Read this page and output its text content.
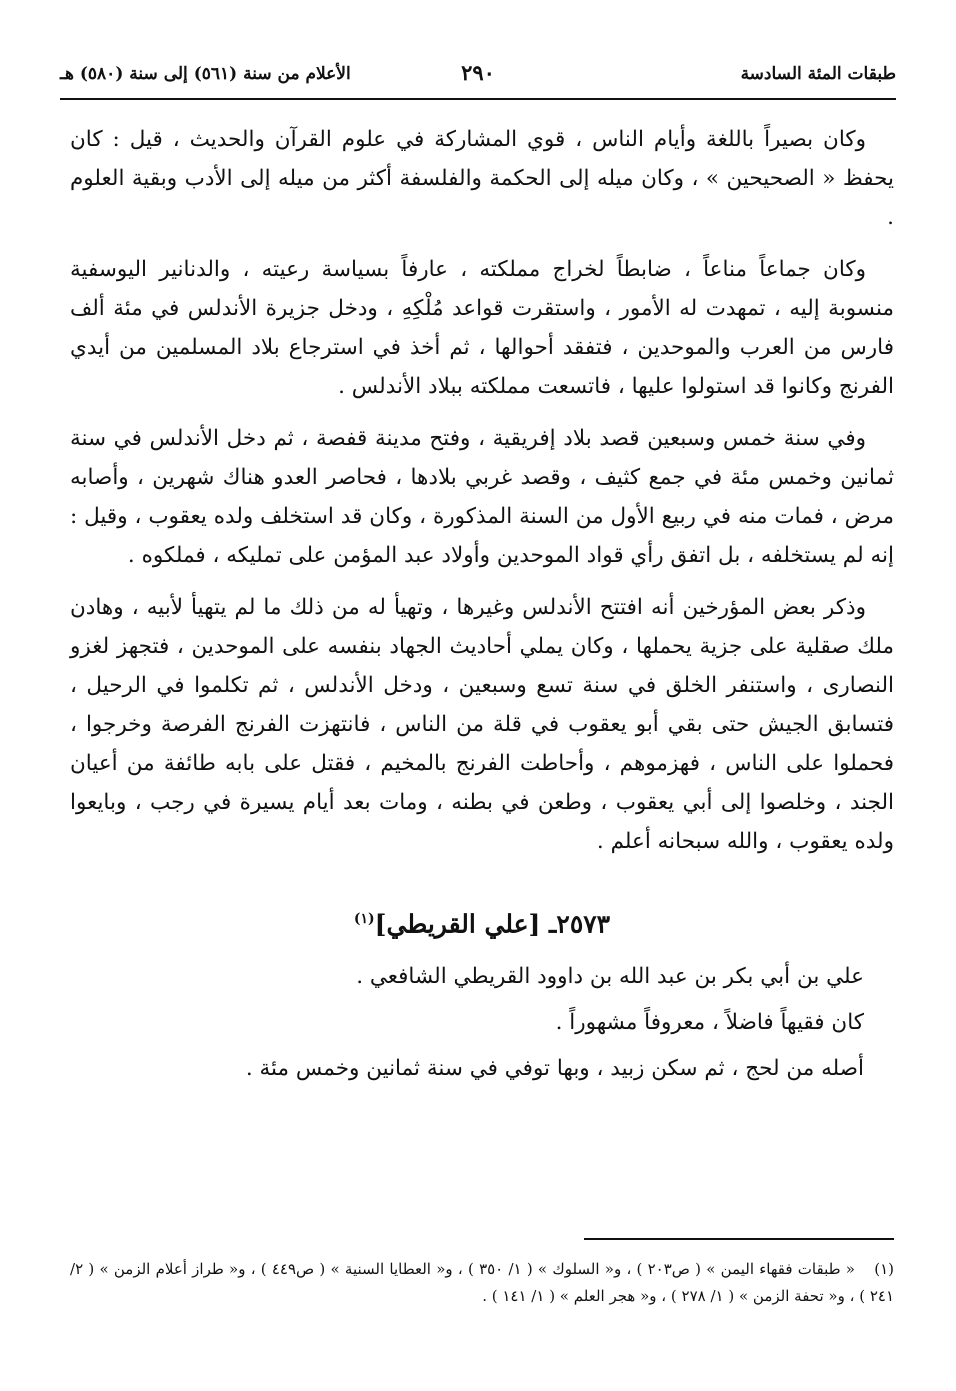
طبقات المئة السادسة
٢٩٠
الأعلام من سنة (٥٦١) إلى سنة (٥٨٠) هـ

وكان بصيراً باللغة وأيام الناس ، قوي المشاركة في علوم القرآن والحديث ، قيل : كان يحفظ « الصحيحين » ، وكان ميله إلى الحكمة والفلسفة أكثر من ميله إلى الأدب وبقية العلوم .

وكان جماعاً مناعاً ، ضابطاً لخراج مملكته ، عارفاً بسياسة رعيته ، والدنانير اليوسفية منسوبة إليه ، تمهدت له الأمور ، واستقرت قواعد مُلْكِهِ ، ودخل جزيرة الأندلس في مئة ألف فارس من العرب والموحدين ، فتفقد أحوالها ، ثم أخذ في استرجاع بلاد المسلمين من أيدي الفرنج وكانوا قد استولوا عليها ، فاتسعت مملكته ببلاد الأندلس .

وفي سنة خمس وسبعين قصد بلاد إفريقية ، وفتح مدينة قفصة ، ثم دخل الأندلس في سنة ثمانين وخمس مئة في جمع كثيف ، وقصد غربي بلادها ، فحاصر العدو هناك شهرين ، وأصابه مرض ، فمات منه في ربيع الأول من السنة المذكورة ، وكان قد استخلف ولده يعقوب ، وقيل : إنه لم يستخلفه ، بل اتفق رأي قواد الموحدين وأولاد عبد المؤمن على تمليكه ، فملكوه .

وذكر بعض المؤرخين أنه افتتح الأندلس وغيرها ، وتهيأ له من ذلك ما لم يتهيأ لأبيه ، وهادن ملك صقلية على جزية يحملها ، وكان يملي أحاديث الجهاد بنفسه على الموحدين ، فتجهز لغزو النصارى ، واستنفر الخلق في سنة تسع وسبعين ، ودخل الأندلس ، ثم تكلموا في الرحيل ، فتسابق الجيش حتى بقي أبو يعقوب في قلة من الناس ، فانتهزت الفرنج الفرصة وخرجوا ، فحملوا على الناس ، فهزموهم ، وأحاطت الفرنج بالمخيم ، فقتل على بابه طائفة من أعيان الجند ، وخلصوا إلى أبي يعقوب ، وطعن في بطنه ، ومات بعد أيام يسيرة في رجب ، وبايعوا ولده يعقوب ، والله سبحانه أعلم .

٢٥٧٣ـ [علي القريطي]$^{(١)}$

علي بن أبي بكر بن عبد الله بن داوود القريطي الشافعي .

كان فقيهاً فاضلاً ، معروفاً مشهوراً .

أصله من لحج ، ثم سكن زبيد ، وبها توفي في سنة ثمانين وخمس مئة .

(١) « طبقات فقهاء اليمن » ( ص٢٠٣ ) ، و« السلوك » ( ١/ ٣٥٠ ) ، و« العطايا السنية » ( ص٤٤٩ ) ، و« طراز أعلام الزمن » ( ٢/ ٢٤١ ) ، و« تحفة الزمن » ( ١/ ٢٧٨ ) ، و« هجر العلم » ( ١/ ١٤١ ) .
